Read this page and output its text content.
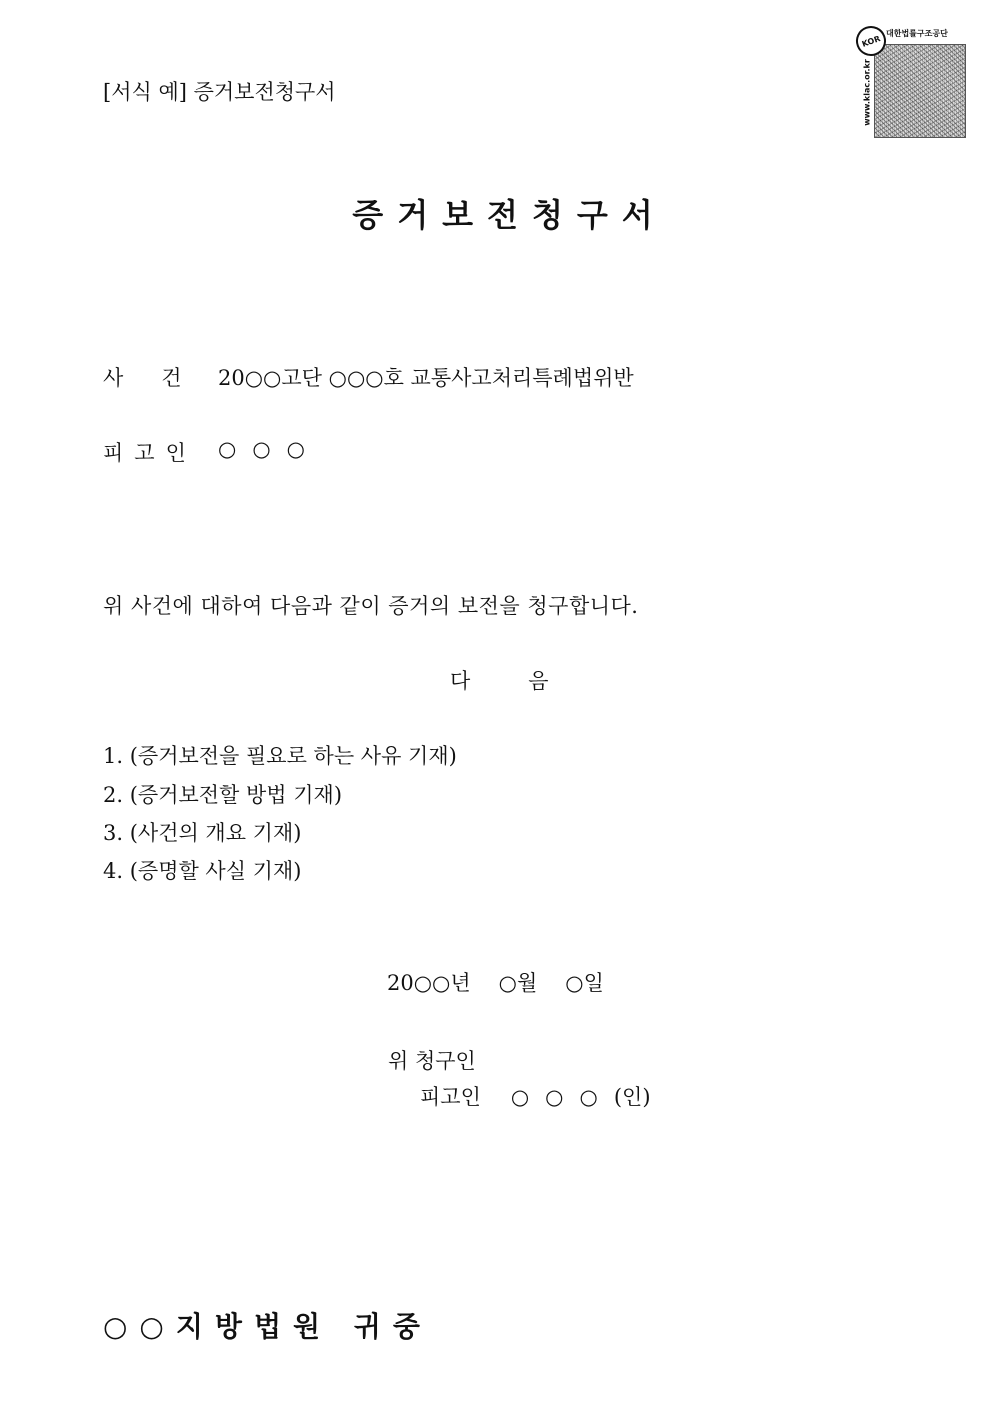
[서식 예] 증거보전청구서
KOR
www.klac.or.kr
대한법률구조공단
증거보전청구서
사건
20○○고단 ○○○호 교통사고처리특례법위반
피고인 ○○○
위 사건에 대하여 다음과 같이 증거의 보전을 청구합니다.
다음
1. (증거보전을 필요로 하는 사유 기재)
2. (증거보전할 방법 기재)
3. (사건의 개요 기재)
4. (증명할 사실 기재)
20○○년 ○월 ○일
위 청구인
피고인 ○○○(인)
○○지방법원 귀중
